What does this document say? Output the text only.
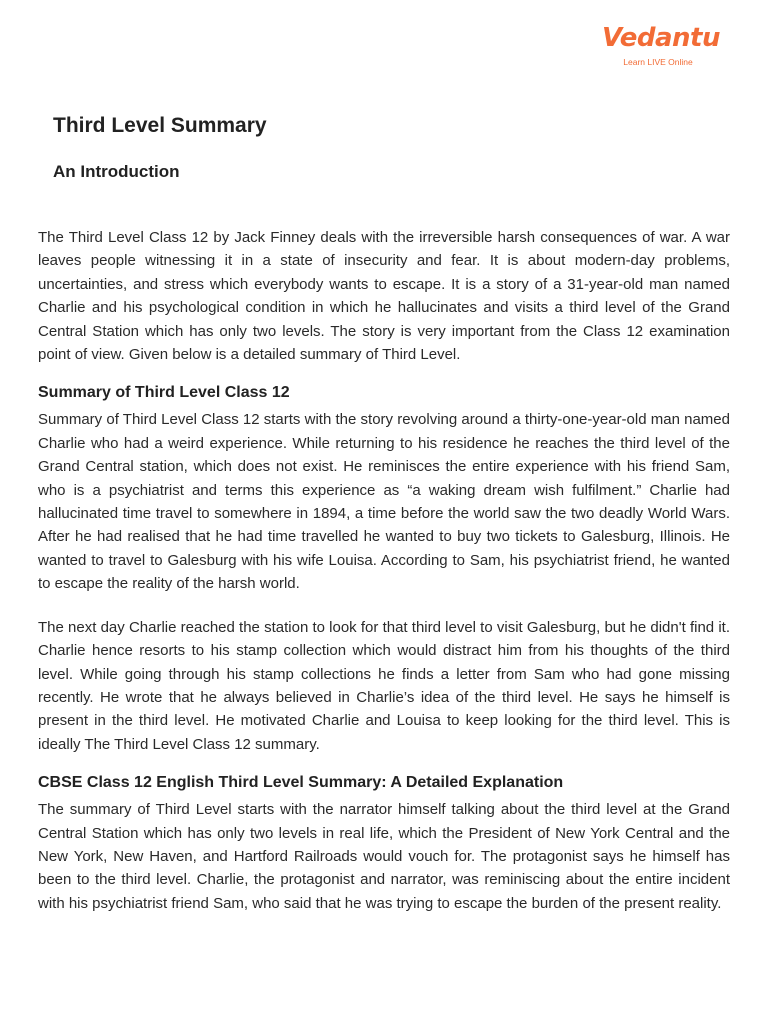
Vedantu
Learn LIVE Online
Third Level Summary
An Introduction

The Third Level Class 12 by Jack Finney deals with the irreversible harsh consequences of war. A war leaves people witnessing it in a state of insecurity and fear. It is about modern-day problems, uncertainties, and stress which everybody wants to escape. It is a story of a 31-year-old man named Charlie and his psychological condition in which he hallucinates and visits a third level of the Grand Central Station which has only two levels. The story is very important from the Class 12 examination point of view. Given below is a detailed summary of Third Level.

Summary of Third Level Class 12

Summary of Third Level Class 12 starts with the story revolving around a thirty-one-year-old man named Charlie who had a weird experience. While returning to his residence he reaches the third level of the Grand Central station, which does not exist. He reminisces the entire experience with his friend Sam, who is a psychiatrist and terms this experience as “a waking dream wish fulfilment.” Charlie had hallucinated time travel to somewhere in 1894, a time before the world saw the two deadly World Wars. After he had realised that he had time travelled he wanted to buy two tickets to Galesburg, Illinois. He wanted to travel to Galesburg with his wife Louisa. According to Sam, his psychiatrist friend, he wanted to escape the reality of the harsh world.

The next day Charlie reached the station to look for that third level to visit Galesburg, but he didn't find it. Charlie hence resorts to his stamp collection which would distract him from his thoughts of the third level. While going through his stamp collections he finds a letter from Sam who had gone missing recently. He wrote that he always believed in Charlie’s idea of the third level. He says he himself is present in the third level. He motivated Charlie and Louisa to keep looking for the third level. This is ideally The Third Level Class 12 summary.

CBSE Class 12 English Third Level Summary: A Detailed Explanation

The summary of Third Level starts with the narrator himself talking about the third level at the Grand Central Station which has only two levels in real life, which the President of New York Central and the New York, New Haven, and Hartford Railroads would vouch for. The protagonist says he himself has been to the third level. Charlie, the protagonist and narrator, was reminiscing about the entire incident with his psychiatrist friend Sam, who said that he was trying to escape the burden of the present reality.
